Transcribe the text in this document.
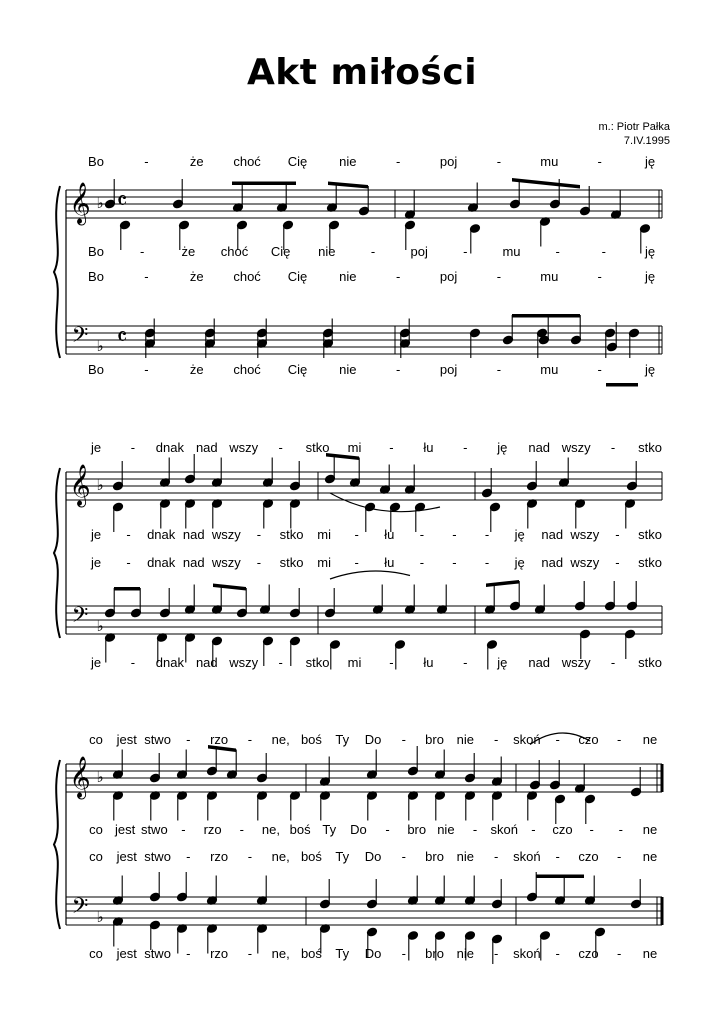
Akt miłości
m.: Piotr Pałka
7.IV.1995
𝄞
𝄢
♭
♭
𝄴
𝄴
Bo	-	że choć Cię nie	-	poj	-	mu	-	ję
Bo	-	że choć Cię nie	-	poj	-	mu	-	-	ję
Bo	-	że choć Cię nie	-	poj	-	mu	-	ję
Bo	-	że choć Cię nie	-	poj	-	mu	-	ję
𝄞
𝄢
♭
♭
je - dnak nad wszy - stko mi - łu - ję nad wszy - stko
je - dnak nad wszy - stko mi - łu - - - ję nad wszy - stko
je - dnak nad wszy - stko mi - łu - - - ję nad wszy - stko
je - dnak nad wszy - stko mi - łu - ję nad wszy - stko
𝄞
𝄢
♭
♭
co jest stwo - rzo - ne, boś Ty Do - bro nie - skoń - czo - ne
co jest stwo - rzo - ne, boś Ty Do - bro nie - skoń - czo - - ne
co jest stwo - rzo - ne, boś Ty Do - bro nie - skoń - czo - ne
co jest stwo - rzo - ne, boś Ty Do - bro nie - skoń - czo - ne
